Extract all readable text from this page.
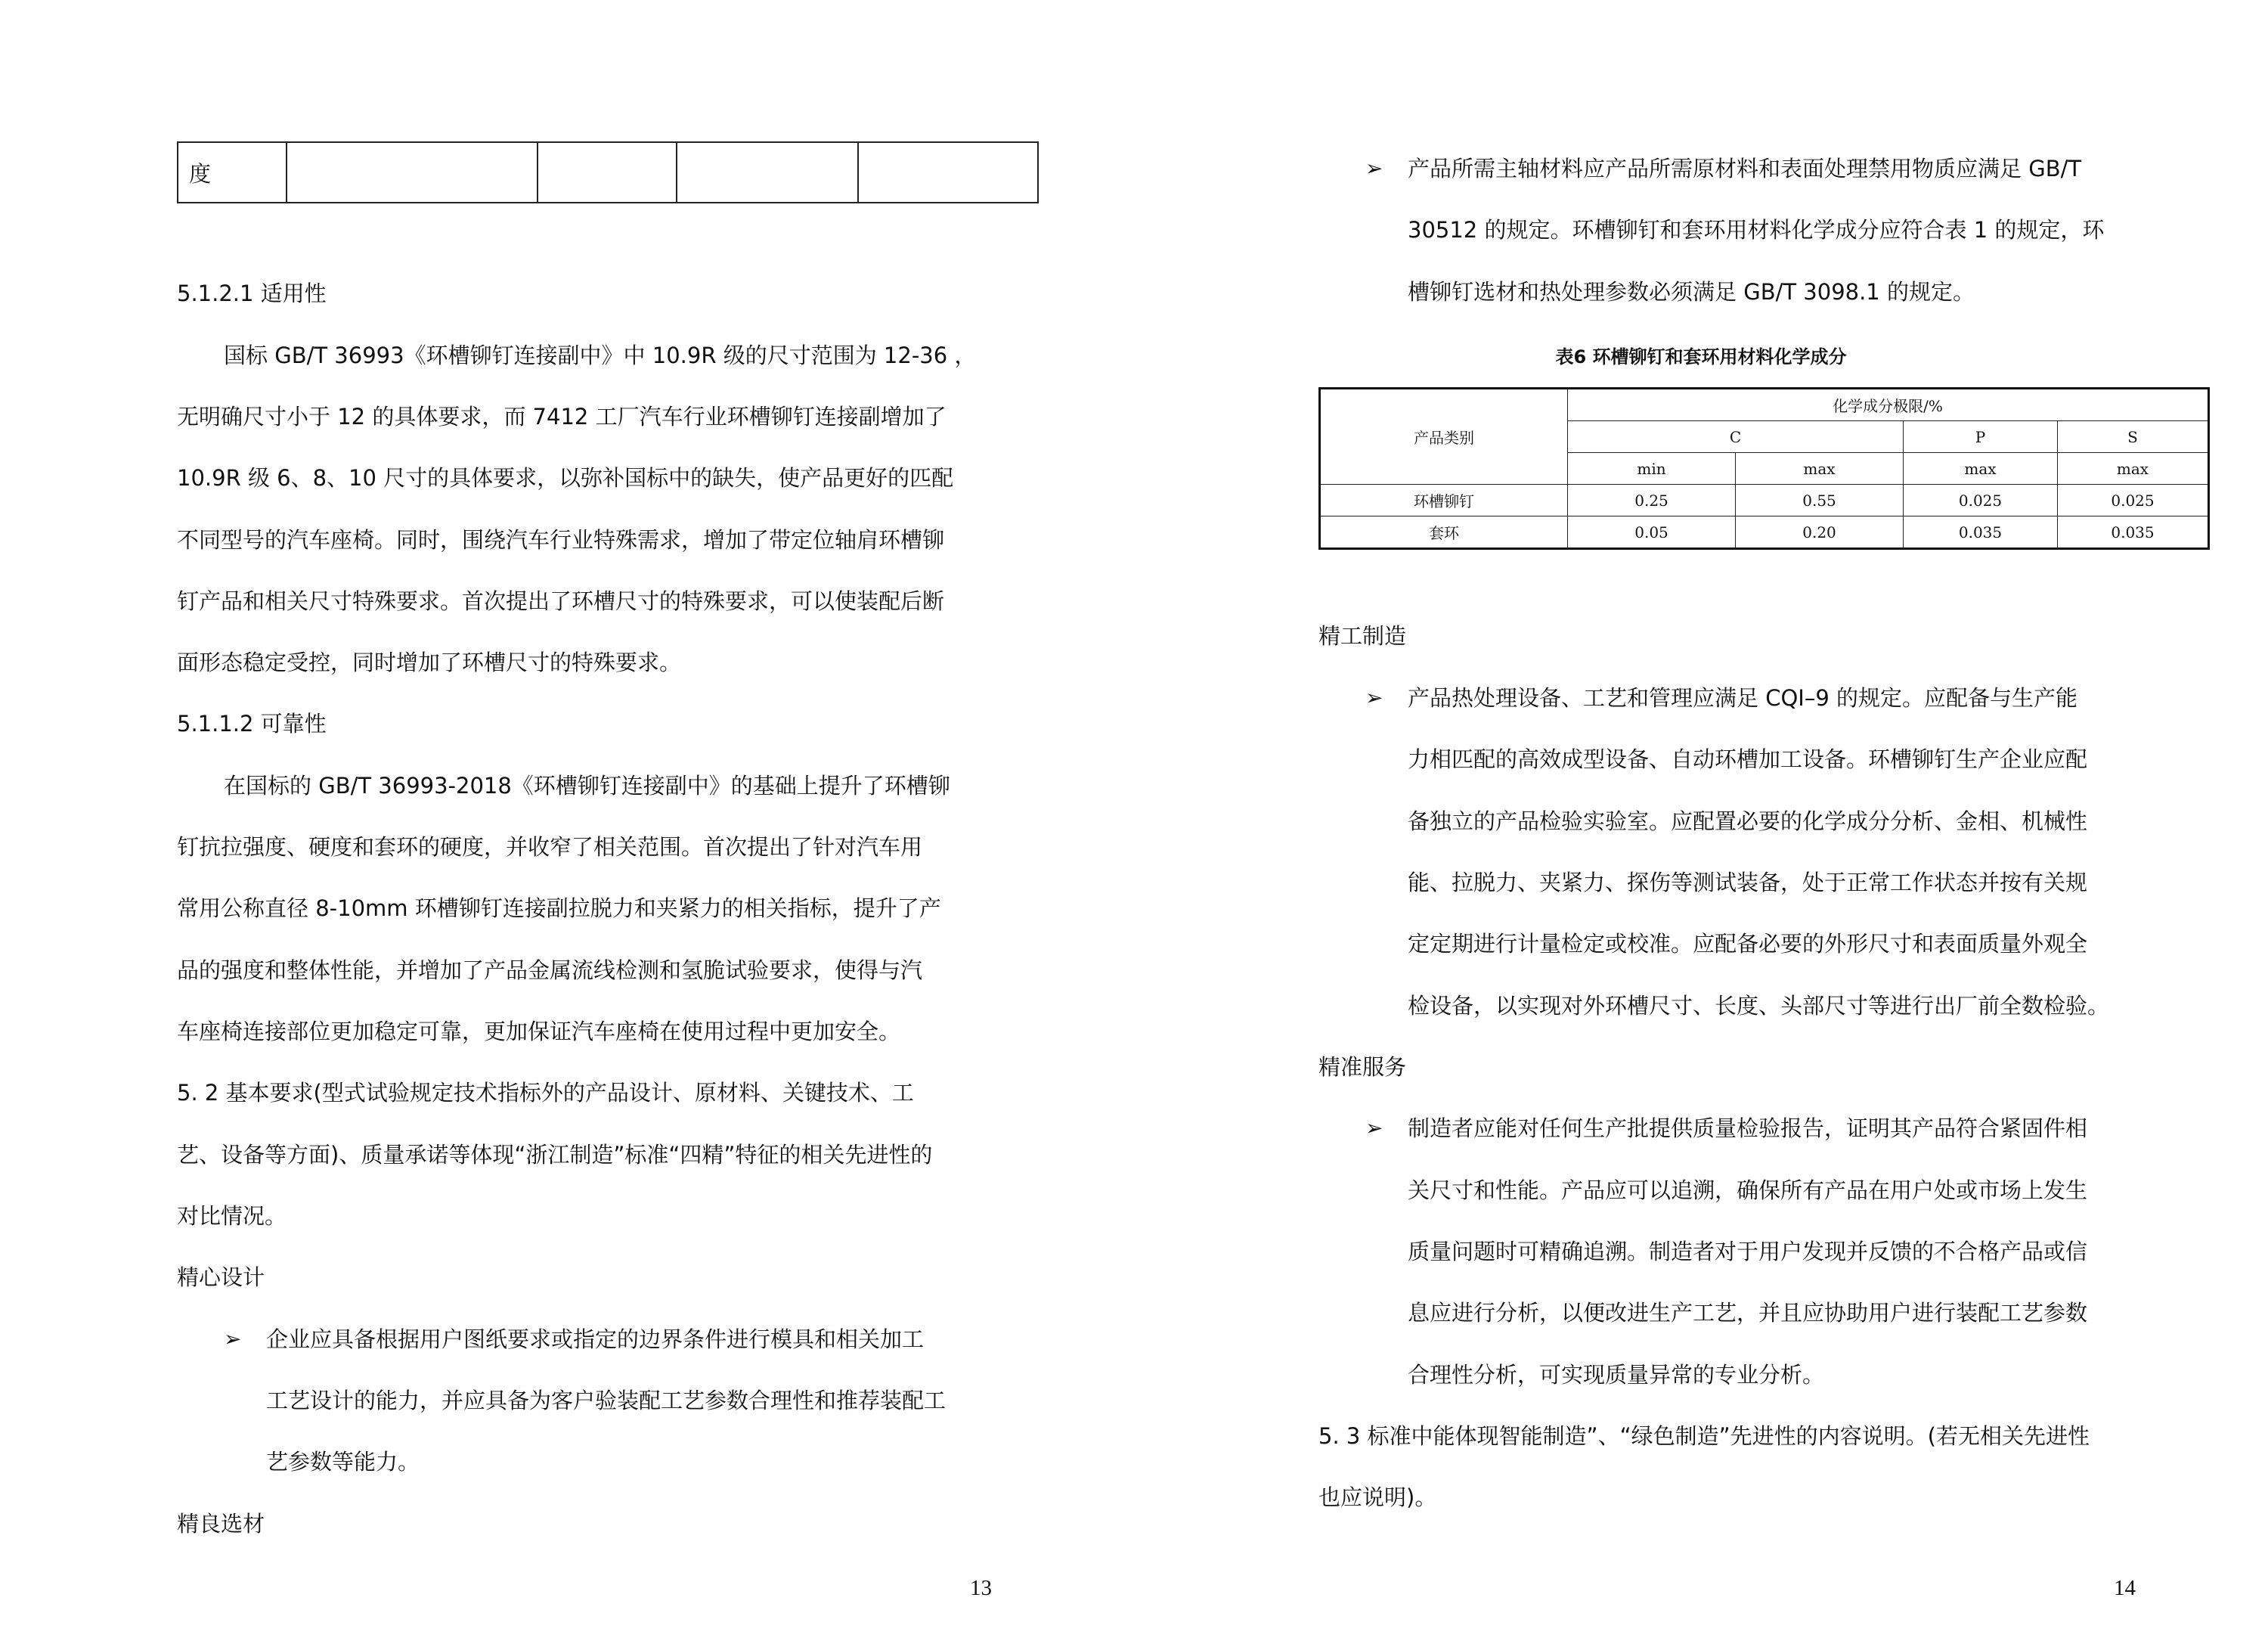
度				
5.1.2.1 适用性
国标 GB/T 36993《环槽铆钉连接副中》中 10.9R 级的尺寸范围为 12-36 ，
无明确尺寸小于 12 的具体要求，而 7412 工厂汽车行业环槽铆钉连接副增加了
10.9R 级 6、8、10 尺寸的具体要求，以弥补国标中的缺失，使产品更好的匹配
不同型号的汽车座椅。同时，围绕汽车行业特殊需求，增加了带定位轴肩环槽铆
钉产品和相关尺寸特殊要求。首次提出了环槽尺寸的特殊要求，可以使装配后断
面形态稳定受控，同时增加了环槽尺寸的特殊要求。
5.1.1.2 可靠性
在国标的 GB/T 36993-2018《环槽铆钉连接副中》的基础上提升了环槽铆
钉抗拉强度、硬度和套环的硬度，并收窄了相关范围。首次提出了针对汽车用
常用公称直径 8-10mm 环槽铆钉连接副拉脱力和夹紧力的相关指标，提升了产
品的强度和整体性能，并增加了产品金属流线检测和氢脆试验要求，使得与汽
车座椅连接部位更加稳定可靠，更加保证汽车座椅在使用过程中更加安全。
5. 2 基本要求(型式试验规定技术指标外的产品设计、原材料、关键技术、工
艺、设备等方面)、质量承诺等体现“浙江制造”标准“四精”特征的相关先进性的
对比情况。
精心设计
➢ 企业应具备根据用户图纸要求或指定的边界条件进行模具和相关加工
工艺设计的能力，并应具备为客户验装配工艺参数合理性和推荐装配工
艺参数等能力。
精良选材
13
➢ 产品所需主轴材料应产品所需原材料和表面处理禁用物质应满足 GB/T
30512 的规定。环槽铆钉和套环用材料化学成分应符合表 1 的规定，环
槽铆钉选材和热处理参数必须满足 GB/T 3098.1 的规定。
精工制造
➢ 产品热处理设备、工艺和管理应满足 CQI–9 的规定。应配备与生产能
力相匹配的高效成型设备、自动环槽加工设备。环槽铆钉生产企业应配
备独立的产品检验实验室。应配置必要的化学成分分析、金相、机械性
能、拉脱力、夹紧力、探伤等测试装备，处于正常工作状态并按有关规
定定期进行计量检定或校准。应配备必要的外形尺寸和表面质量外观全
检设备，以实现对外环槽尺寸、长度、头部尺寸等进行出厂前全数检验。
精准服务
➢ 制造者应能对任何生产批提供质量检验报告，证明其产品符合紧固件相
关尺寸和性能。产品应可以追溯，确保所有产品在用户处或市场上发生
质量问题时可精确追溯。制造者对于用户发现并反馈的不合格产品或信
息应进行分析，以便改进生产工艺，并且应协助用户进行装配工艺参数
合理性分析，可实现质量异常的专业分析。
5. 3 标准中能体现智能制造”、“绿色制造”先进性的内容说明。(若无相关先进性
也应说明)。
14
表6 环槽铆钉和套环用材料化学成分
产品类别	化学成分极限/%			
	C		P	S
	min	max	max	max
环槽铆钉	0.25	0.55	0.025	0.025
套环	0.05	0.20	0.035	0.035
